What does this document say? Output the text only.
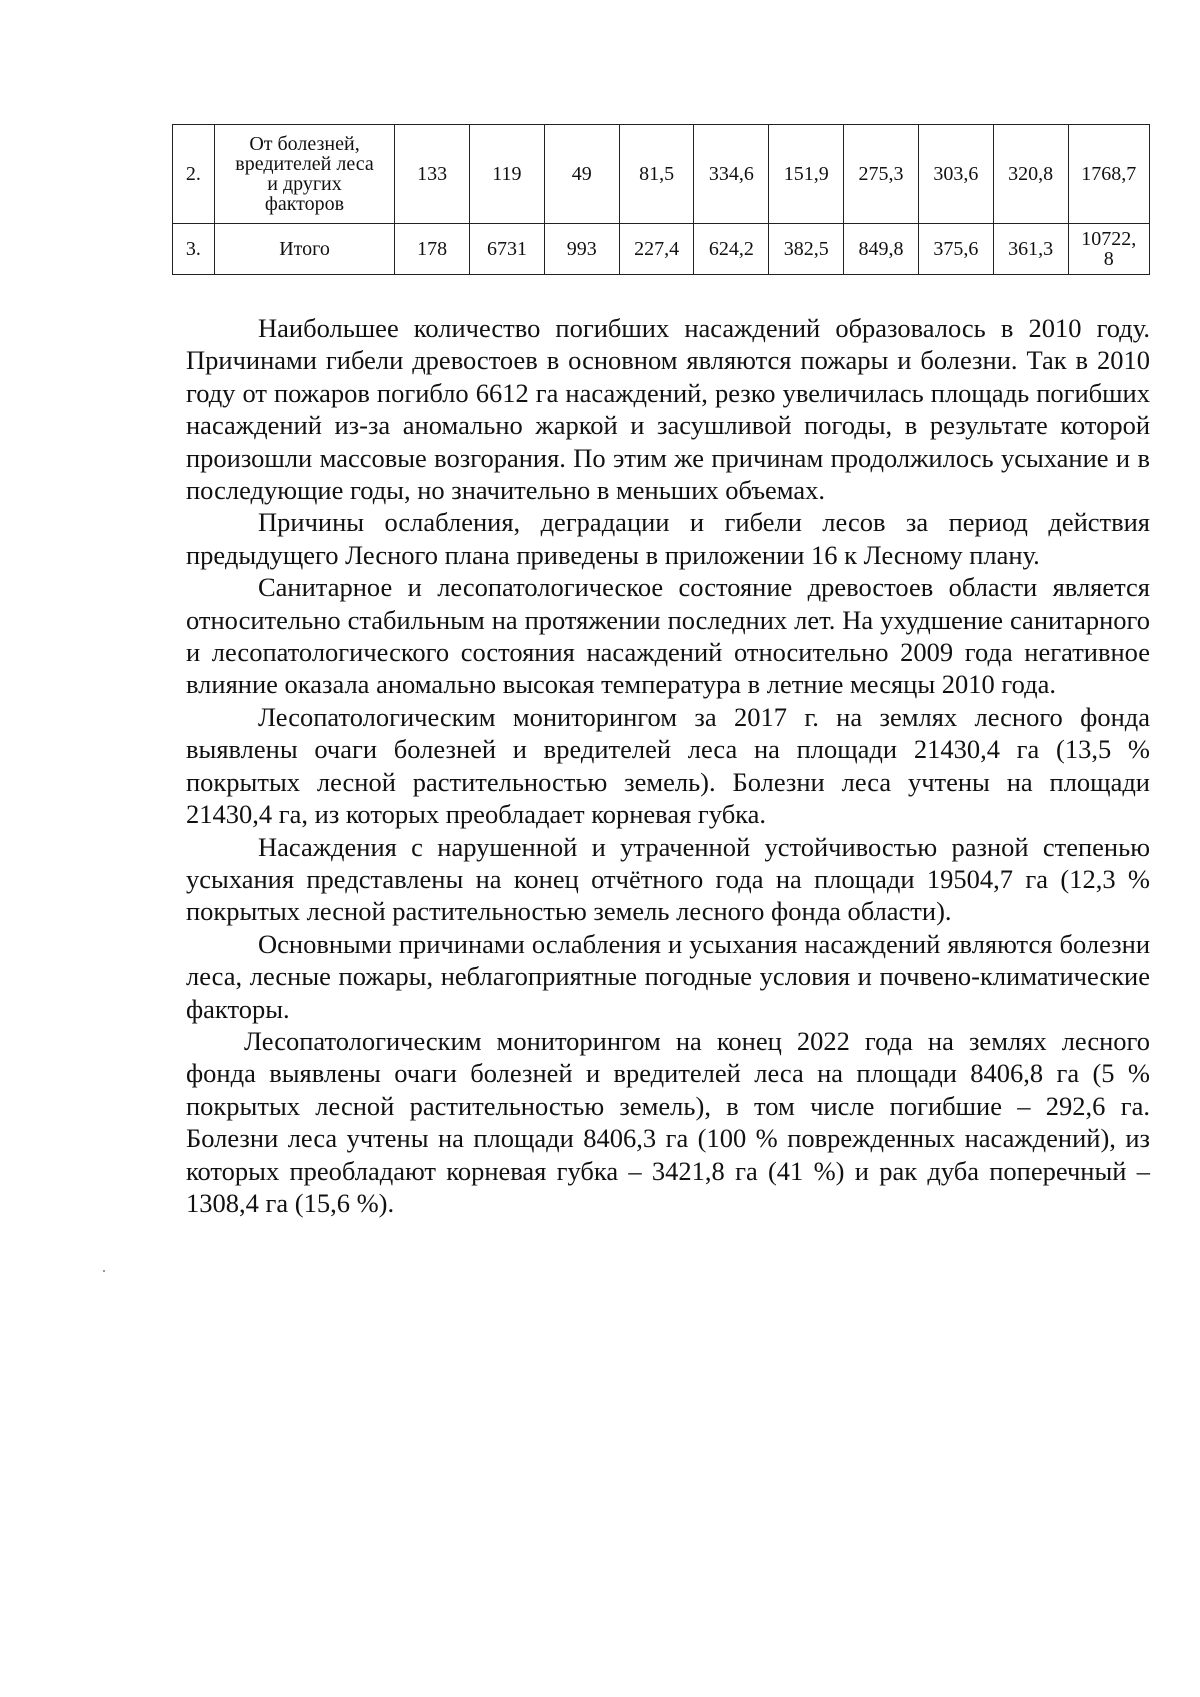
2.	От болезней,
вредителей леса
и других
факторов	133	119	49	81,5	334,6	151,9	275,3	303,6	320,8	1768,7
3.	Итого	178	6731	993	227,4	624,2	382,5	849,8	375,6	361,3	10722,
8

Наибольшее количество погибших насаждений образовалось в 2010 году. Причинами гибели древостоев в основном являются пожары и болезни. Так в 2010 году от пожаров погибло 6612 га насаждений, резко увеличилась площадь погибших насаждений из-за аномально жаркой и засушливой погоды, в результате которой произошли массовые возгорания. По этим же причинам продолжилось усыхание и в последующие годы, но значительно в меньших объемах.

Причины ослабления, деградации и гибели лесов за период действия предыдущего Лесного плана приведены в приложении 16 к Лесному плану.

Санитарное и лесопатологическое состояние древостоев области является относительно стабильным на протяжении последних лет. На ухудшение санитарного и лесопатологического состояния насаждений относительно 2009 года негативное влияние оказала аномально высокая температура в летние месяцы 2010 года.

Лесопатологическим мониторингом за 2017 г. на землях лесного фонда выявлены очаги болезней и вредителей леса на площади 21430,4 га (13,5 % покрытых лесной растительностью земель). Болезни леса учтены на площади 21430,4 га, из которых преобладает корневая губка.

Насаждения с нарушенной и утраченной устойчивостью разной степенью усыхания представлены на конец отчётного года на площади 19504,7 га (12,3 % покрытых лесной растительностью земель лесного фонда области).

Основными причинами ослабления и усыхания насаждений являются болезни леса, лесные пожары, неблагоприятные погодные условия и почвено-климатические факторы.

Лесопатологическим мониторингом на конец 2022 года на землях лесного фонда выявлены очаги болезней и вредителей леса на площади 8406,8 га (5 % покрытых лесной растительностью земель), в том числе погибшие – 292,6 га. Болезни леса учтены на площади 8406,3 га (100 % поврежденных насаждений), из которых преобладают корневая губка – 3421,8 га (41 %) и рак дуба поперечный – 1308,4 га (15,6 %).
